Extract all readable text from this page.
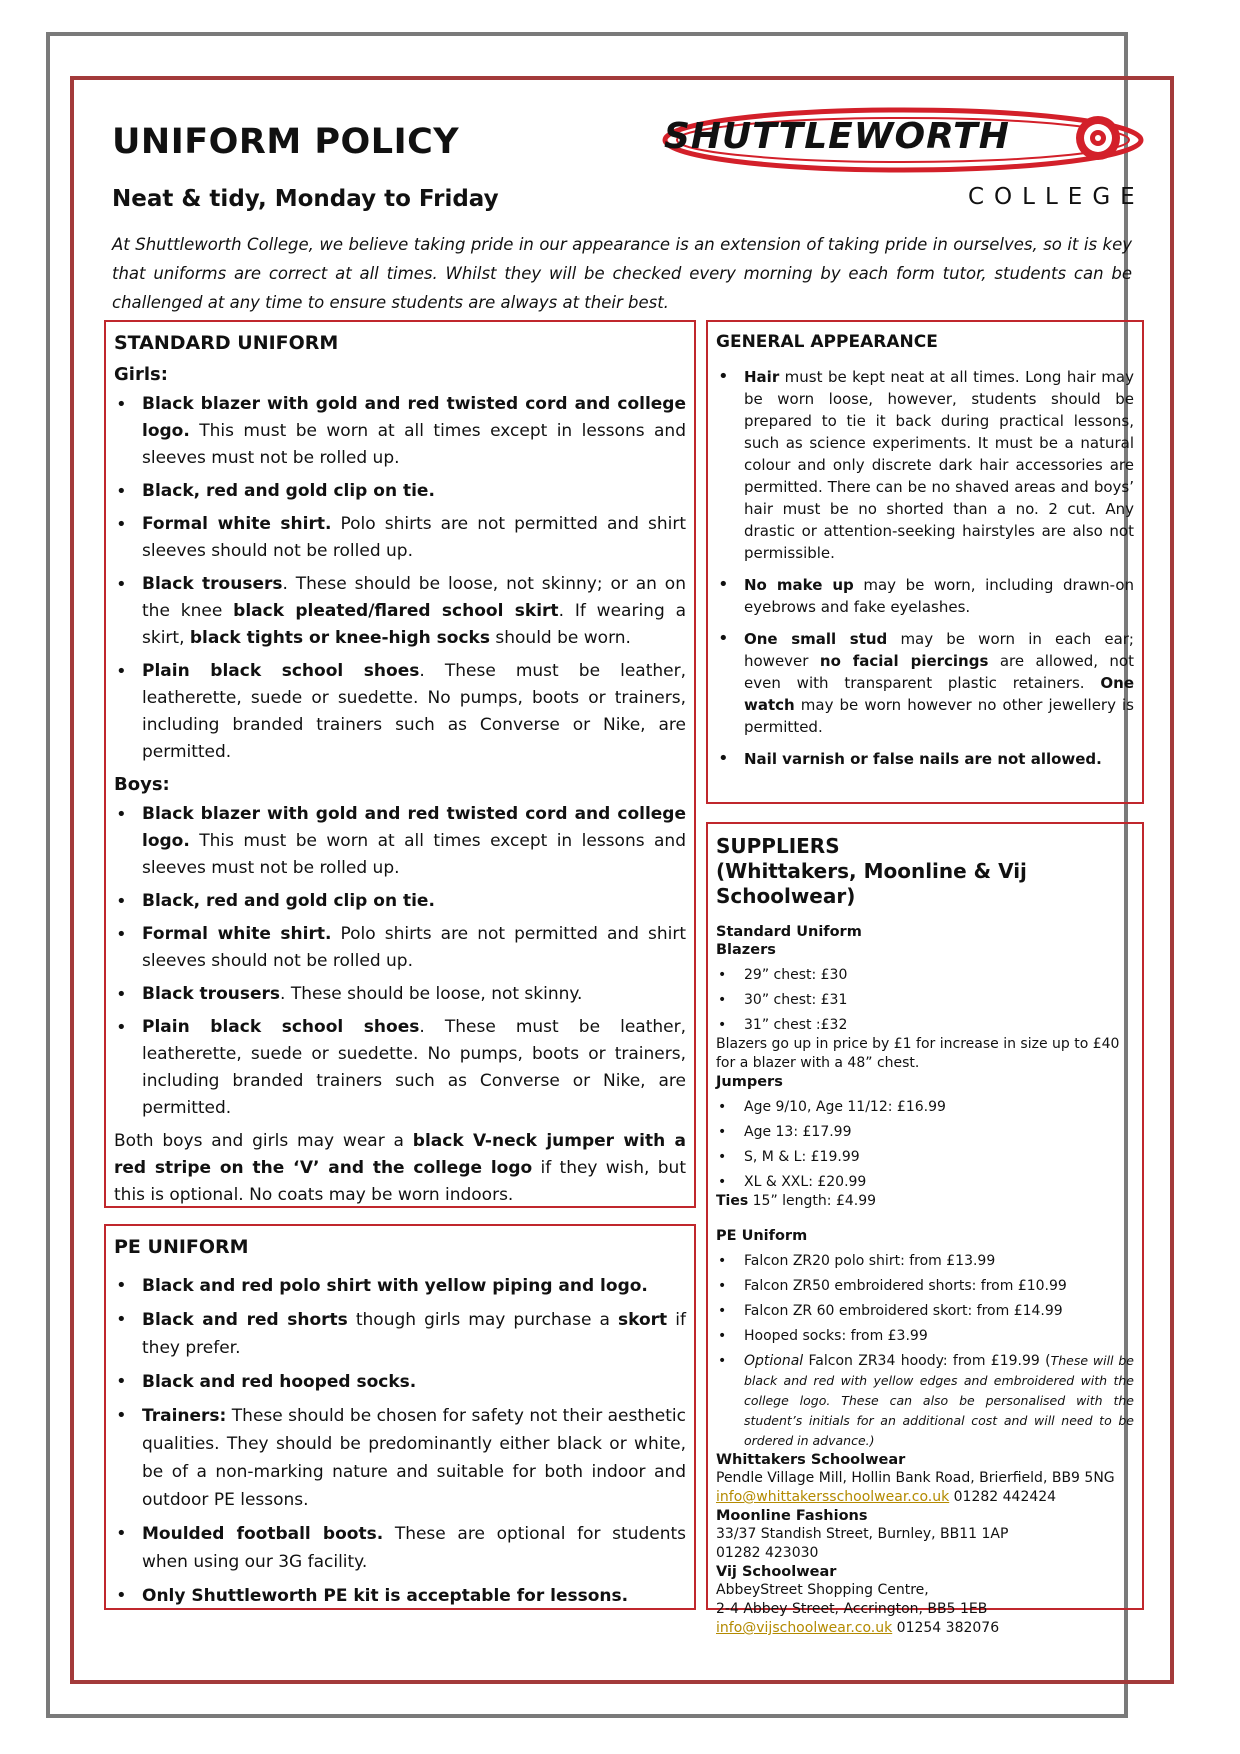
UNIFORM POLICY

Neat & tidy, Monday to Friday

SHUTTLEWORTH
COLLEGE

At Shuttleworth College, we believe taking pride in our appearance is an extension of taking pride in ourselves, so it is key that uniforms are correct at all times. Whilst they will be checked every morning by each form tutor, students can be challenged at any time to ensure students are always at their best.

STANDARD UNIFORM
Girls:
• Black blazer with gold and red twisted cord and college logo. This must be worn at all times except in lessons and sleeves must not be rolled up.
• Black, red and gold clip on tie.
• Formal white shirt. Polo shirts are not permitted and shirt sleeves should not be rolled up.
• Black trousers. These should be loose, not skinny; or an on the knee black pleated/flared school skirt. If wearing a skirt, black tights or knee-high socks should be worn.
• Plain black school shoes. These must be leather, leatherette, suede or suedette. No pumps, boots or trainers, including branded trainers such as Converse or Nike, are permitted.
Boys:
• Black blazer with gold and red twisted cord and college logo. This must be worn at all times except in lessons and sleeves must not be rolled up.
• Black, red and gold clip on tie.
• Formal white shirt. Polo shirts are not permitted and shirt sleeves should not be rolled up.
• Black trousers. These should be loose, not skinny.
• Plain black school shoes. These must be leather, leatherette, suede or suedette. No pumps, boots or trainers, including branded trainers such as Converse or Nike, are permitted.

Both boys and girls may wear a black V-neck jumper with a red stripe on the ‘V’ and the college logo if they wish, but this is optional. No coats may be worn indoors.

PE UNIFORM
• Black and red polo shirt with yellow piping and logo.
• Black and red shorts though girls may purchase a skort if they prefer.
• Black and red hooped socks.
• Trainers: These should be chosen for safety not their aesthetic qualities. They should be predominantly either black or white, be of a non-marking nature and suitable for both indoor and outdoor PE lessons.
• Moulded football boots. These are optional for students when using our 3G facility.
• Only Shuttleworth PE kit is acceptable for lessons.
GENERAL APPEARANCE
• Hair must be kept neat at all times. Long hair may be worn loose, however, students should be prepared to tie it back during practical lessons, such as science experiments. It must be a natural colour and only discrete dark hair accessories are permitted. There can be no shaved areas and boys’ hair must be no shorted than a no. 2 cut. Any drastic or attention-seeking hairstyles are also not permissible.
• No make up may be worn, including drawn-on eyebrows and fake eyelashes.
• One small stud may be worn in each ear; however no facial piercings are allowed, not even with transparent plastic retainers. One watch may be worn however no other jewellery is permitted.
• Nail varnish or false nails are not allowed.
SUPPLIERS
(Whittakers, Moonline & Vij Schoolwear)

Standard Uniform

Blazers

• 29” chest: £30
• 30” chest: £31
• 31” chest :£32

Blazers go up in price by £1 for increase in size up to £40 for a blazer with a 48” chest.

Jumpers

• Age 9/10, Age 11/12: £16.99
• Age 13: £17.99
• S, M & L: £19.99
• XL & XXL: £20.99

Ties 15” length: £4.99

PE Uniform

• Falcon ZR20 polo shirt: from £13.99
• Falcon ZR50 embroidered shorts: from £10.99
• Falcon ZR 60 embroidered skort: from £14.99
• Hooped socks: from £3.99
• Optional Falcon ZR34 hoody: from £19.99 (These will be black and red with yellow edges and embroidered with the college logo. These can also be personalised with the student’s initials for an additional cost and will need to be ordered in advance.)

Whittakers Schoolwear

Pendle Village Mill, Hollin Bank Road, Brierfield, BB9 5NG

info@whittakersschoolwear.co.uk 01282 442424

Moonline Fashions

33/37 Standish Street, Burnley, BB11 1AP

01282 423030

Vij Schoolwear

AbbeyStreet Shopping Centre,

2-4 Abbey Street, Accrington, BB5 1EB

info@vijschoolwear.co.uk 01254 382076
